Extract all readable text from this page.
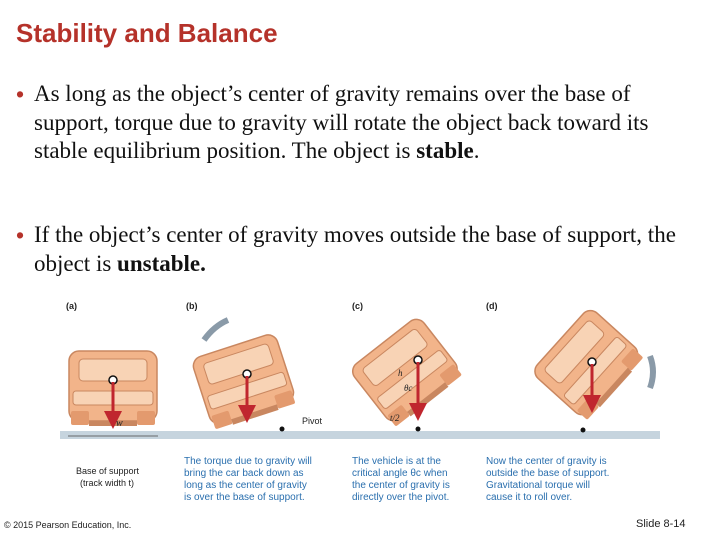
Stability and Balance
• As long as the object’s center of gravity remains over the base of support, torque due to gravity will rotate the object back toward its stable equilibrium position. The object is stable.
• If the object’s center of gravity moves outside the base of support, the object is unstable.
(a)	(b)	(c)	(d)
w
Base of support
(track width t)
Pivot
h
θc
t/2
The torque due to gravity will
bring the car back down as
long as the center of gravity
is over the base of support.
The vehicle is at the
critical angle θc when
the center of gravity is
directly over the pivot.
Now the center of gravity is
outside the base of support.
Gravitational torque will
cause it to roll over.
© 2015 Pearson Education, Inc.	Slide 8-14
